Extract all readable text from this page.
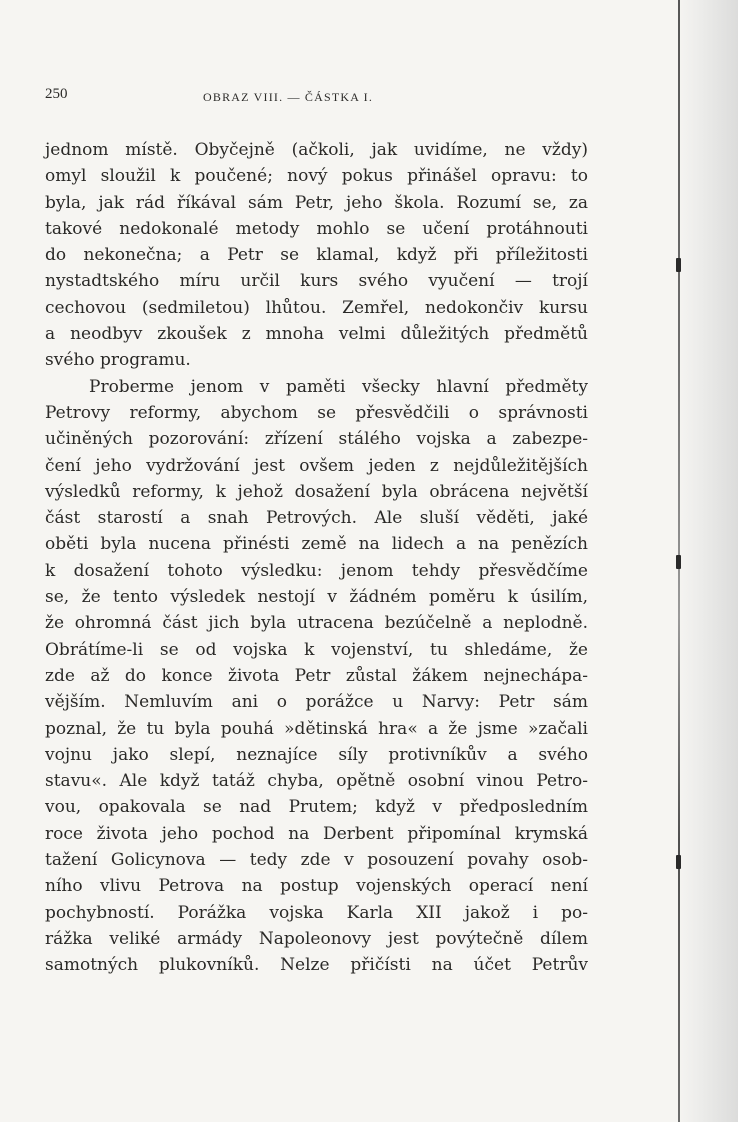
250	OBRAZ VIII. — ČÁSTKA I.
jednom místě. Obyčejně (ačkoli, jak uvidíme, ne vždy)
omyl sloužil k poučené; nový pokus přinášel opravu: to
byla, jak rád říkával sám Petr, jeho škola. Rozumí se, za
takové nedokonalé metody mohlo se učení protáhnouti
do nekonečna; a Petr se klamal, když při příležitosti
nystadtského míru určil kurs svého vyučení — trojí
cechovou (sedmiletou) lhůtou. Zemřel, nedokončiv kursu
a neodbyv zkoušek z mnoha velmi důležitých předmětů
svého programu.
Proberme jenom v paměti všecky hlavní předměty
Petrovy reformy, abychom se přesvědčili o správnosti
učiněných pozorování: zřízení stálého vojska a zabezpe-
čení jeho vydržování jest ovšem jeden z nejdůležitějších
výsledků reformy, k jehož dosažení byla obrácena největší
část starostí a snah Petrových. Ale sluší věděti, jaké
oběti byla nucena přinésti země na lidech a na penězích
k dosažení tohoto výsledku: jenom tehdy přesvědčíme
se, že tento výsledek nestojí v žádném poměru k úsilím,
že ohromná část jich byla utracena bezúčelně a neplodně.
Obrátíme-li se od vojska k vojenství, tu shledáme, že
zde až do konce života Petr zůstal žákem nejnechápa-
vějším. Nemluvím ani o porážce u Narvy: Petr sám
poznal, že tu byla pouhá »dětinská hra« a že jsme »začali
vojnu jako slepí, neznajíce síly protivníkův a svého
stavu«. Ale když tatáž chyba, opětně osobní vinou Petro-
vou, opakovala se nad Prutem; když v předposledním
roce života jeho pochod na Derbent připomínal krymská
tažení Golicynova — tedy zde v posouzení povahy osob-
ního vlivu Petrova na postup vojenských operací není
pochybností. Porážka vojska Karla XII jakož i po-
rážka veliké armády Napoleonovy jest povýtečně dílem
samotných plukovníků. Nelze přičísti na účet Petrův
